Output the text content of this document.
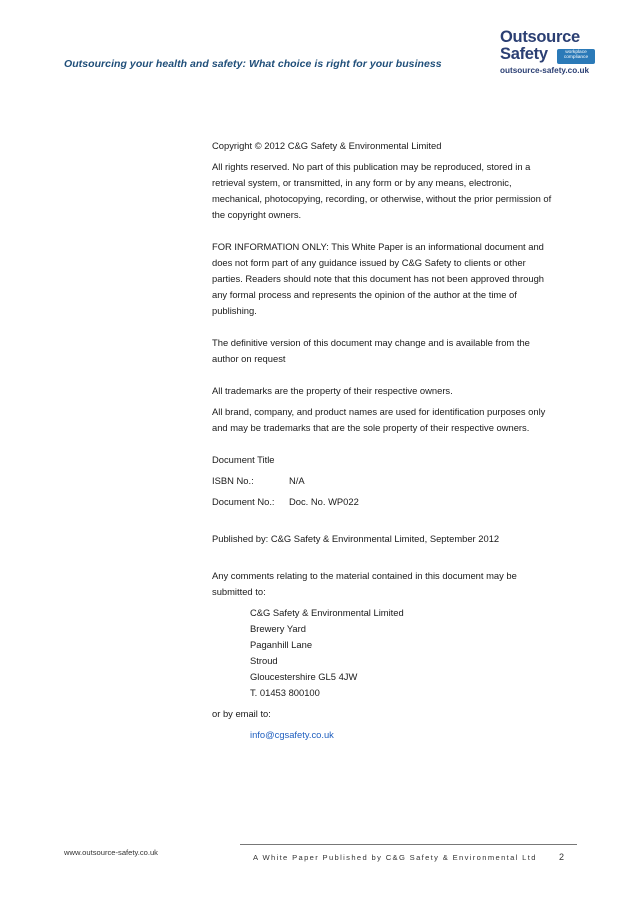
Outsourcing your health and safety: What choice is right for your business
Outsource
Safety	workplace compliance
outsource-safety.co.uk

Copyright © 2012 C&G Safety & Environmental Limited

All rights reserved. No part of this publication may be reproduced, stored in a retrieval system, or transmitted, in any form or by any means, electronic, mechanical, photocopying, recording, or otherwise, without the prior permission of the copyright owners.

FOR INFORMATION ONLY: This White Paper is an informational document and does not form part of any guidance issued by C&G Safety to clients or other parties. Readers should note that this document has not been approved through any formal process and represents the opinion of the author at the time of publishing.

The definitive version of this document may change and is available from the author on request

All trademarks are the property of their respective owners.

All brand, company, and product names are used for identification purposes only and may be trademarks that are the sole property of their respective owners.

Document Title

ISBN No.:	N/A
Document No.:	Doc. No. WP022

Published by: C&G Safety & Environmental Limited, September 2012

Any comments relating to the material contained in this document may be submitted to:

C&G Safety & Environmental Limited

Brewery Yard

Paganhill Lane

Stroud

Gloucestershire GL5 4JW

T. 01453 800100

or by email to:

info@cgsafety.co.uk
www.outsource-safety.co.uk
A White Paper Published by C&G Safety & Environmental Ltd 2
